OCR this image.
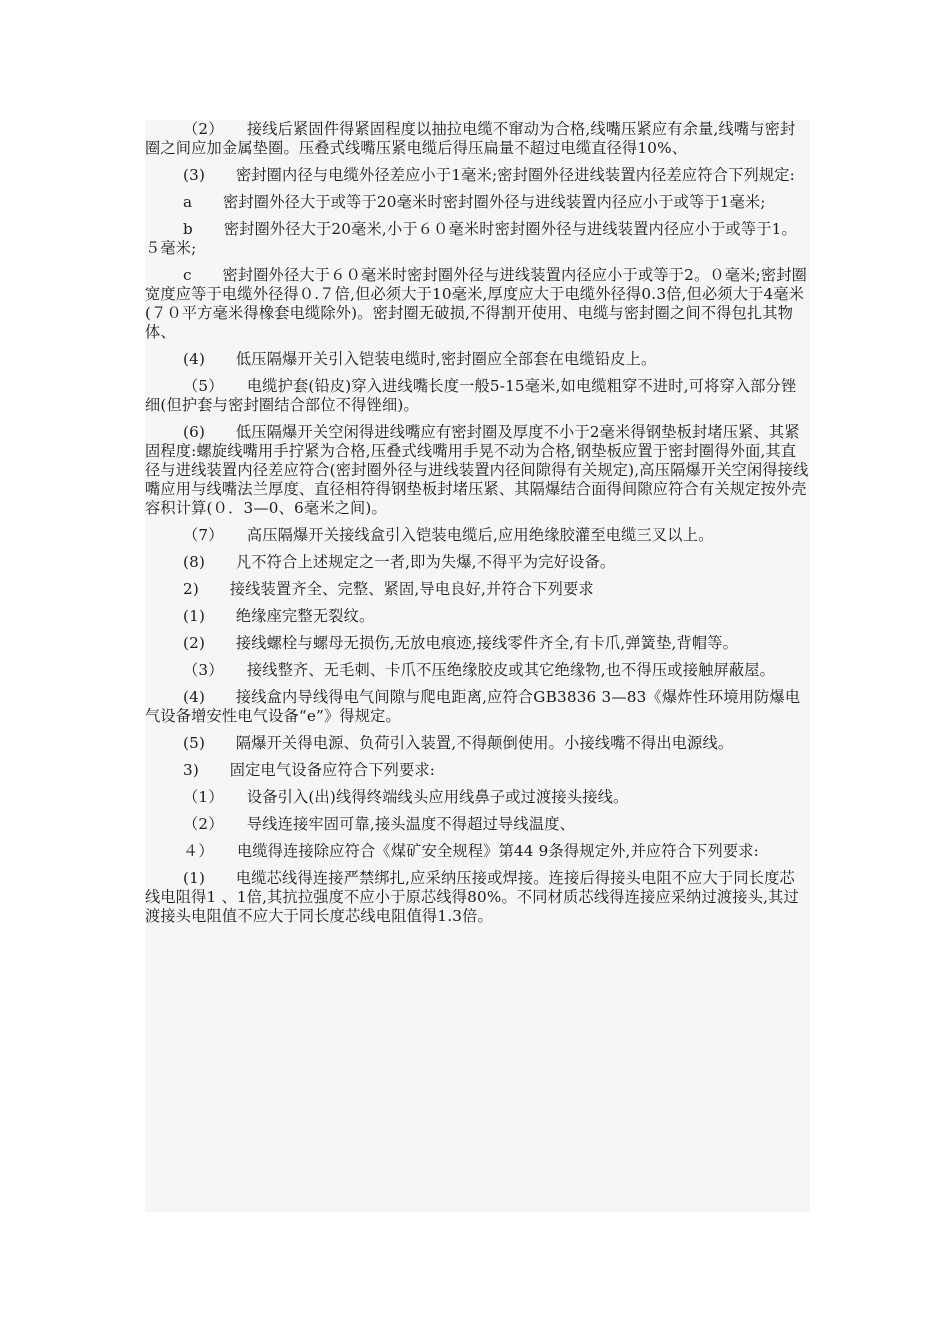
（2）　　接线后紧固件得紧固程度以抽拉电缆不窜动为合格,线嘴压紧应有余量,线嘴与密封圈之间应加金属垫圈。压叠式线嘴压紧电缆后得压扁量不超过电缆直径得10%、

(3)　　密封圈内径与电缆外径差应小于1毫米;密封圈外径进线装置内径差应符合下列规定:

a　　密封圈外径大于或等于20毫米时密封圈外径与进线装置内径应小于或等于1毫米;

b　　密封圈外径大于20毫米,小于６０毫米时密封圈外径与进线装置内径应小于或等于1。５毫米;

c　　密封圈外径大于６０毫米时密封圈外径与进线装置内径应小于或等于2。０毫米;密封圈宽度应等于电缆外径得０.７倍,但必须大于10毫米,厚度应大于电缆外径得0.3倍,但必须大于4毫米(７０平方毫米得橡套电缆除外)。密封圈无破损,不得割开使用、电缆与密封圈之间不得包扎其物体、

(4)　　低压隔爆开关引入铠装电缆时,密封圈应全部套在电缆铅皮上。

（5）　　电缆护套(铅皮)穿入进线嘴长度一般5-15毫米,如电缆粗穿不进时,可将穿入部分锉细(但护套与密封圈结合部位不得锉细)。

(6)　　低压隔爆开关空闲得进线嘴应有密封圈及厚度不小于2毫米得钢垫板封堵压紧、其紧固程度:螺旋线嘴用手拧紧为合格,压叠式线嘴用手晃不动为合格,钢垫板应置于密封圈得外面,其直径与进线装置内径差应符合(密封圈外径与进线装置内径间隙得有关规定),高压隔爆开关空闲得接线嘴应用与线嘴法兰厚度、直径相符得钢垫板封堵压紧、其隔爆结合面得间隙应符合有关规定按外壳容积计算(０．3—0、6毫米之间)。

（7）　　高压隔爆开关接线盒引入铠装电缆后,应用绝缘胶灌至电缆三叉以上。

(8)　　凡不符合上述规定之一者,即为失爆,不得平为完好设备。

2)　　接线装置齐全、完整、紧固,导电良好,并符合下列要求

(1)　　绝缘座完整无裂纹。

(2)　　接线螺栓与螺母无损伤,无放电痕迹,接线零件齐全,有卡爪,弹簧垫,背帽等。

（3）　　接线整齐、无毛刺、卡爪不压绝缘胶皮或其它绝缘物,也不得压或接触屏蔽屋。

(4)　　接线盒内导线得电气间隙与爬电距离,应符合GB3836 3—83《爆炸性环境用防爆电气设备增安性电气设备“e”》得规定。

(5)　　隔爆开关得电源、负荷引入装置,不得颠倒使用。小接线嘴不得出电源线。

3)　　固定电气设备应符合下列要求:

（1）　　设备引入(出)线得终端线头应用线鼻子或过渡接头接线。

（2）　　导线连接牢固可靠,接头温度不得超过导线温度、

４）　　电缆得连接除应符合《煤矿安全规程》第44 9条得规定外,并应符合下列要求:

(1)　　电缆芯线得连接严禁绑扎,应采纳压接或焊接。连接后得接头电阻不应大于同长度芯线电阻得1 、1倍,其抗拉强度不应小于原芯线得80%。不同材质芯线得连接应采纳过渡接头,其过渡接头电阻值不应大于同长度芯线电阻值得1.3倍。
